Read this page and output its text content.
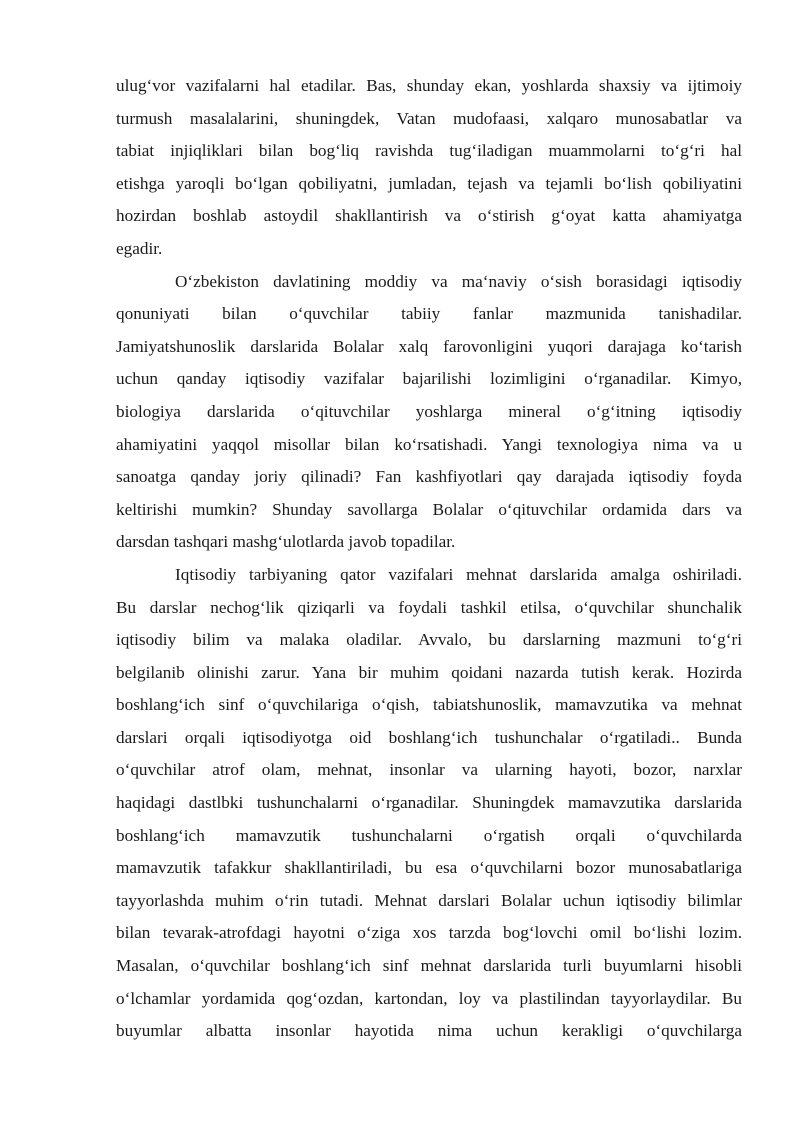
ulug‘vor vazifalarni hal etadilar. Bas, shunday ekan, yoshlarda shaxsiy va ijtimoiy
turmush masalalarini, shuningdek, Vatan mudofaasi, xalqaro munosabatlar va
tabiat injiqliklari bilan bog‘liq ravishda tug‘iladigan muammolarni to‘g‘ri hal
etishga yaroqli bo‘lgan qobiliyatni, jumladan, tejash va tejamli bo‘lish qobiliyatini
hozirdan boshlab astoydil shakllantirish va o‘stirish g‘oyat katta ahamiyatga
egadir.
O‘zbekiston davlatining moddiy va ma‘naviy o‘sish borasidagi iqtisodiy
qonuniyati bilan o‘quvchilar tabiiy fanlar mazmunida tanishadilar.
Jamiyatshunoslik darslarida Bolalar xalq farovonligini yuqori darajaga ko‘tarish
uchun qanday iqtisodiy vazifalar bajarilishi lozimligini o‘rganadilar. Kimyo,
biologiya darslarida o‘qituvchilar yoshlarga mineral o‘g‘itning iqtisodiy
ahamiyatini yaqqol misollar bilan ko‘rsatishadi. Yangi texnologiya nima va u
sanoatga qanday joriy qilinadi? Fan kashfiyotlari qay darajada iqtisodiy foyda
keltirishi mumkin? Shunday savollarga Bolalar o‘qituvchilar ordamida dars va
darsdan tashqari mashg‘ulotlarda javob topadilar.
Iqtisodiy tarbiyaning qator vazifalari mehnat darslarida amalga oshiriladi.
Bu darslar nechog‘lik qiziqarli va foydali tashkil etilsa, o‘quvchilar shunchalik
iqtisodiy bilim va malaka oladilar. Avvalo, bu darslarning mazmuni to‘g‘ri
belgilanib olinishi zarur. Yana bir muhim qoidani nazarda tutish kerak. Hozirda
boshlang‘ich sinf o‘quvchilariga o‘qish, tabiatshunoslik, mamavzutika va mehnat
darslari orqali iqtisodiyotga oid boshlang‘ich tushunchalar o‘rgatiladi.. Bunda
o‘quvchilar atrof olam, mehnat, insonlar va ularning hayoti, bozor, narxlar
haqidagi dastlbki tushunchalarni o‘rganadilar. Shuningdek mamavzutika darslarida
boshlang‘ich mamavzutik tushunchalarni o‘rgatish orqali o‘quvchilarda
mamavzutik tafakkur shakllantiriladi, bu esa o‘quvchilarni bozor munosabatlariga
tayyorlashda muhim o‘rin tutadi. Mehnat darslari Bolalar uchun iqtisodiy bilimlar
bilan tevarak-atrofdagi hayotni o‘ziga xos tarzda bog‘lovchi omil bo‘lishi lozim.
Masalan, o‘quvchilar boshlang‘ich sinf mehnat darslarida turli buyumlarni hisobli
o‘lchamlar yordamida qog‘ozdan, kartondan, loy va plastilindan tayyorlaydilar. Bu
buyumlar albatta insonlar hayotida nima uchun kerakligi o‘quvchilarga
